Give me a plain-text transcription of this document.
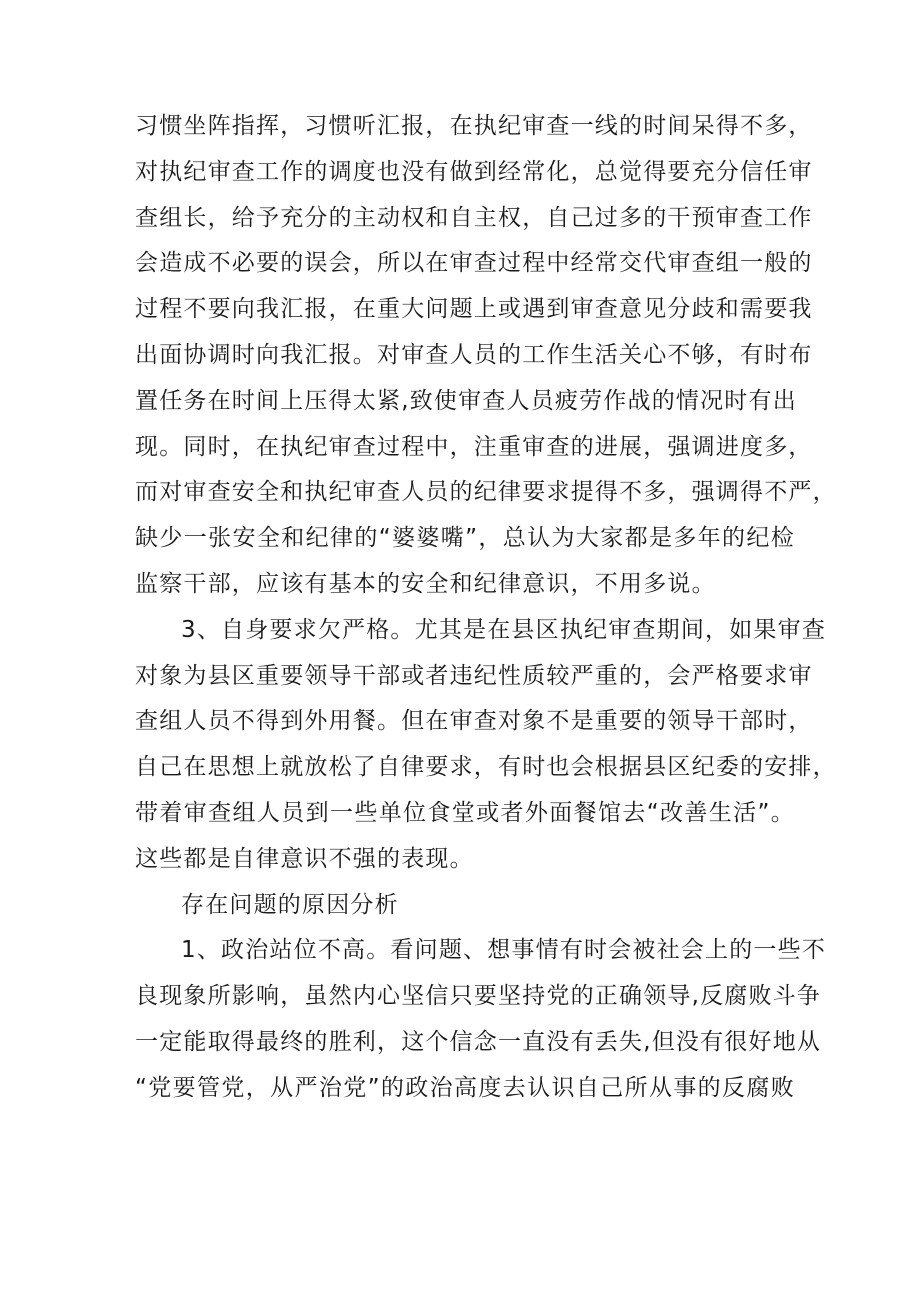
习惯坐阵指挥，习惯听汇报，在执纪审查一线的时间呆得不多，
对执纪审查工作的调度也没有做到经常化，总觉得要充分信任审
查组长，给予充分的主动权和自主权，自己过多的干预审查工作
会造成不必要的误会，所以在审查过程中经常交代审查组一般的
过程不要向我汇报，在重大问题上或遇到审查意见分歧和需要我
出面协调时向我汇报。对审查人员的工作生活关心不够，有时布
置任务在时间上压得太紧,致使审查人员疲劳作战的情况时有出
现。同时，在执纪审查过程中，注重审查的进展，强调进度多，
而对审查安全和执纪审查人员的纪律要求提得不多，强调得不严，
缺少一张安全和纪律的“婆婆嘴”，总认为大家都是多年的纪检
监察干部，应该有基本的安全和纪律意识，不用多说。
3、自身要求欠严格。尤其是在县区执纪审查期间，如果审查
对象为县区重要领导干部或者违纪性质较严重的，会严格要求审
查组人员不得到外用餐。但在审查对象不是重要的领导干部时，
自己在思想上就放松了自律要求，有时也会根据县区纪委的安排，
带着审查组人员到一些单位食堂或者外面餐馆去“改善生活”。
这些都是自律意识不强的表现。
存在问题的原因分析
1、政治站位不高。看问题、想事情有时会被社会上的一些不
良现象所影响，虽然内心坚信只要坚持党的正确领导,反腐败斗争
一定能取得最终的胜利，这个信念一直没有丢失,但没有很好地从
“党要管党，从严治党”的政治高度去认识自己所从事的反腐败
